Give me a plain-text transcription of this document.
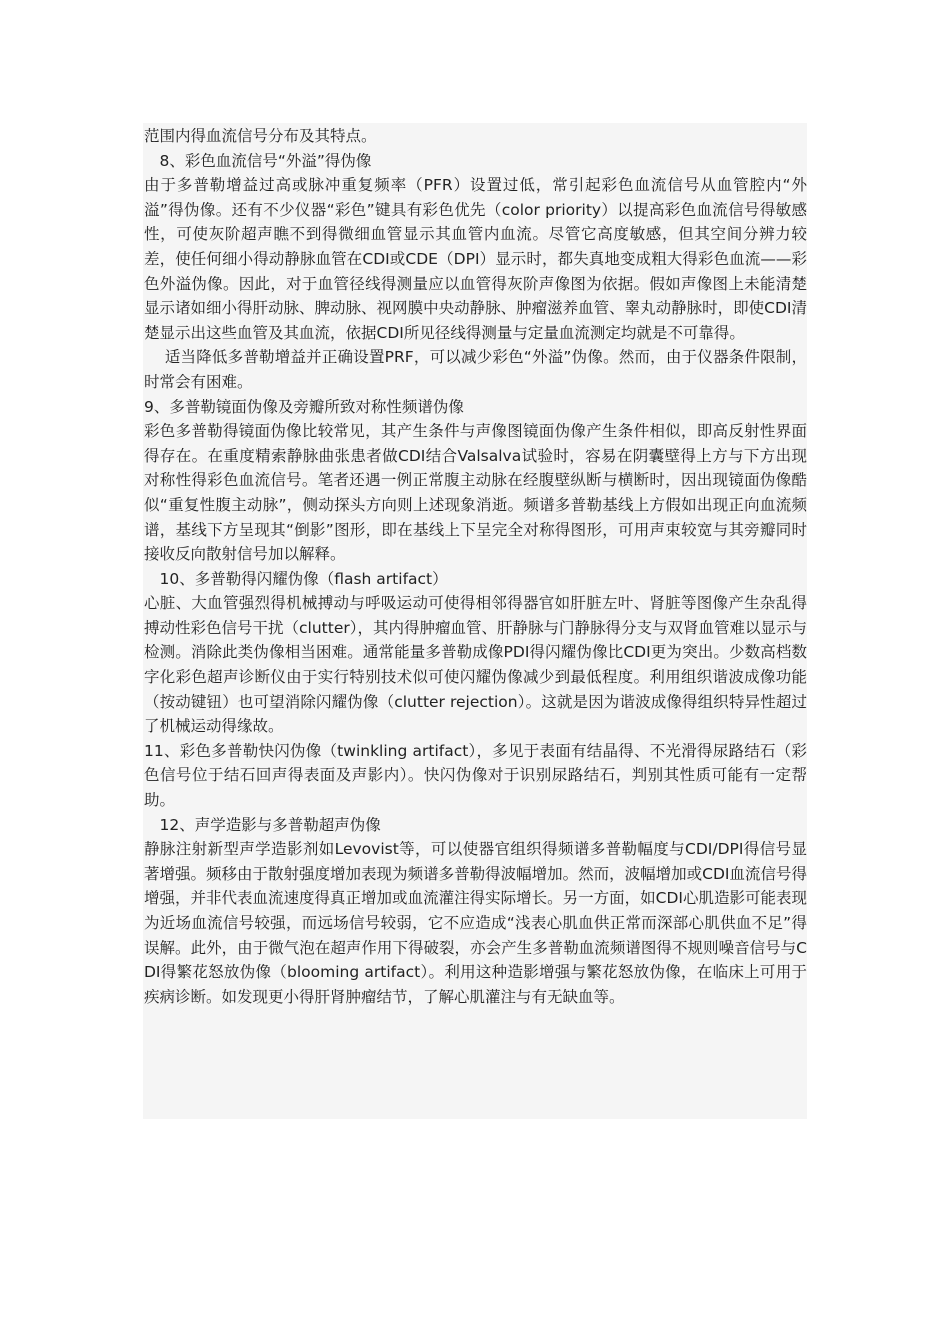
范围内得血流信号分布及其特点。

　8、彩色血流信号“外溢”得伪像

由于多普勒增益过高或脉冲重复频率（PFR）设置过低，常引起彩色血流信号从血管腔内“外溢”得伪像。还有不少仪器“彩色”键具有彩色优先（color priority）以提高彩色血流信号得敏感性，可使灰阶超声瞧不到得微细血管显示其血管内血流。尽管它高度敏感，但其空间分辨力较差，使任何细小得动静脉血管在CDI或CDE（DPI）显示时，都失真地变成粗大得彩色血流——彩色外溢伪像。因此，对于血管径线得测量应以血管得灰阶声像图为依据。假如声像图上未能清楚显示诸如细小得肝动脉、脾动脉、视网膜中央动静脉、肿瘤滋养血管、睾丸动静脉时，即使CDI清楚显示出这些血管及其血流，依据CDI所见径线得测量与定量血流测定均就是不可靠得。

　 适当降低多普勒增益并正确设置PRF，可以减少彩色“外溢”伪像。然而，由于仪器条件限制，时常会有困难。

9、多普勒镜面伪像及旁瓣所致对称性频谱伪像

彩色多普勒得镜面伪像比较常见，其产生条件与声像图镜面伪像产生条件相似，即高反射性界面得存在。在重度精索静脉曲张患者做CDI结合Valsalva试验时，容易在阴囊壁得上方与下方出现对称性得彩色血流信号。笔者还遇一例正常腹主动脉在经腹壁纵断与横断时，因出现镜面伪像酷似“重复性腹主动脉”，侧动探头方向则上述现象消逝。频谱多普勒基线上方假如出现正向血流频谱，基线下方呈现其“倒影”图形，即在基线上下呈完全对称得图形，可用声束较宽与其旁瓣同时接收反向散射信号加以解释。

　10、多普勒得闪耀伪像（flash artifact）

心脏、大血管强烈得机械搏动与呼吸运动可使得相邻得器官如肝脏左叶、肾脏等图像产生杂乱得搏动性彩色信号干扰（clutter），其内得肿瘤血管、肝静脉与门静脉得分支与双肾血管难以显示与检测。消除此类伪像相当困难。通常能量多普勒成像PDI得闪耀伪像比CDI更为突出。少数高档数字化彩色超声诊断仪由于实行特别技术似可使闪耀伪像减少到最低程度。利用组织谐波成像功能（按动键钮）也可望消除闪耀伪像（clutter rejection）。这就是因为谐波成像得组织特异性超过了机械运动得缘故。

11、彩色多普勒快闪伪像（twinkling artifact），多见于表面有结晶得、不光滑得尿路结石（彩色信号位于结石回声得表面及声影内）。快闪伪像对于识别尿路结石，判别其性质可能有一定帮助。

　12、声学造影与多普勒超声伪像

静脉注射新型声学造影剂如Levovist等，可以使器官组织得频谱多普勒幅度与CDI/DPI得信号显著增强。频移由于散射强度增加表现为频谱多普勒得波幅增加。然而，波幅增加或CDI血流信号得增强，并非代表血流速度得真正增加或血流灌注得实际增长。另一方面，如CDI心肌造影可能表现为近场血流信号较强，而远场信号较弱，它不应造成“浅表心肌血供正常而深部心肌供血不足”得误解。此外，由于微气泡在超声作用下得破裂，亦会产生多普勒血流频谱图得不规则噪音信号与CDI得繁花怒放伪像（blooming artifact）。利用这种造影增强与繁花怒放伪像，在临床上可用于疾病诊断。如发现更小得肝肾肿瘤结节，了解心肌灌注与有无缺血等。
